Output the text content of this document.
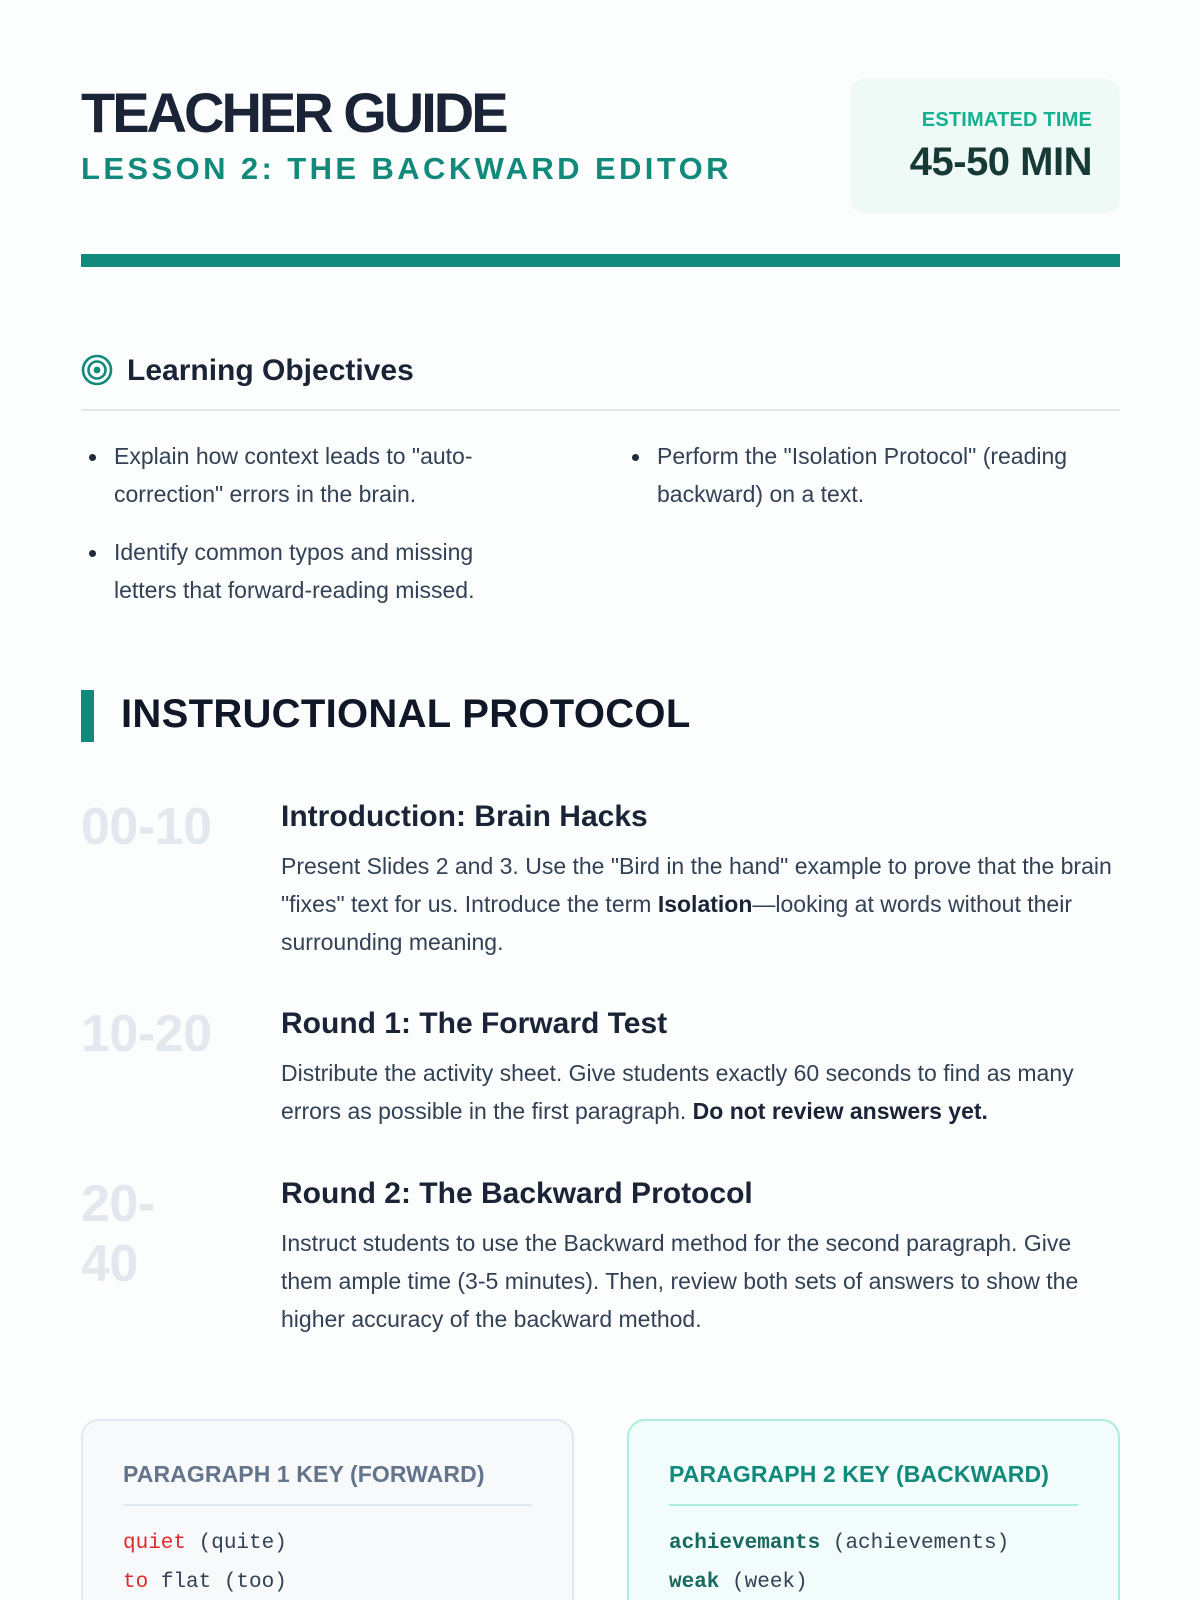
TEACHER GUIDE
LESSON 2: THE BACKWARD EDITOR
ESTIMATED TIME
45-50 MIN
Learning Objectives
Explain how context leads to "auto-correction" errors in the brain.
Identify common typos and missing letters that forward-reading missed.
Perform the "Isolation Protocol" (reading backward) on a text.
INSTRUCTIONAL PROTOCOL
00-10	Introduction: Brain Hacks
Present Slides 2 and 3. Use the "Bird in the hand" example to prove that the brain "fixes" text for us. Introduce the term Isolation—looking at words without their surrounding meaning.
10-20	Round 1: The Forward Test
Distribute the activity sheet. Give students exactly 60 seconds to find as many errors as possible in the first paragraph. Do not review answers yet.
20-40
Round 2: The Backward Protocol
Instruct students to use the Backward method for the second paragraph. Give them ample time (3-5 minutes). Then, review both sets of answers to show the higher accuracy of the backward method.
PARAGRAPH 1 KEY (FORWARD)
quiet (quite)
to flat (too)
PARAGRAPH 2 KEY (BACKWARD)
achievemants (achievements)
weak (week)
